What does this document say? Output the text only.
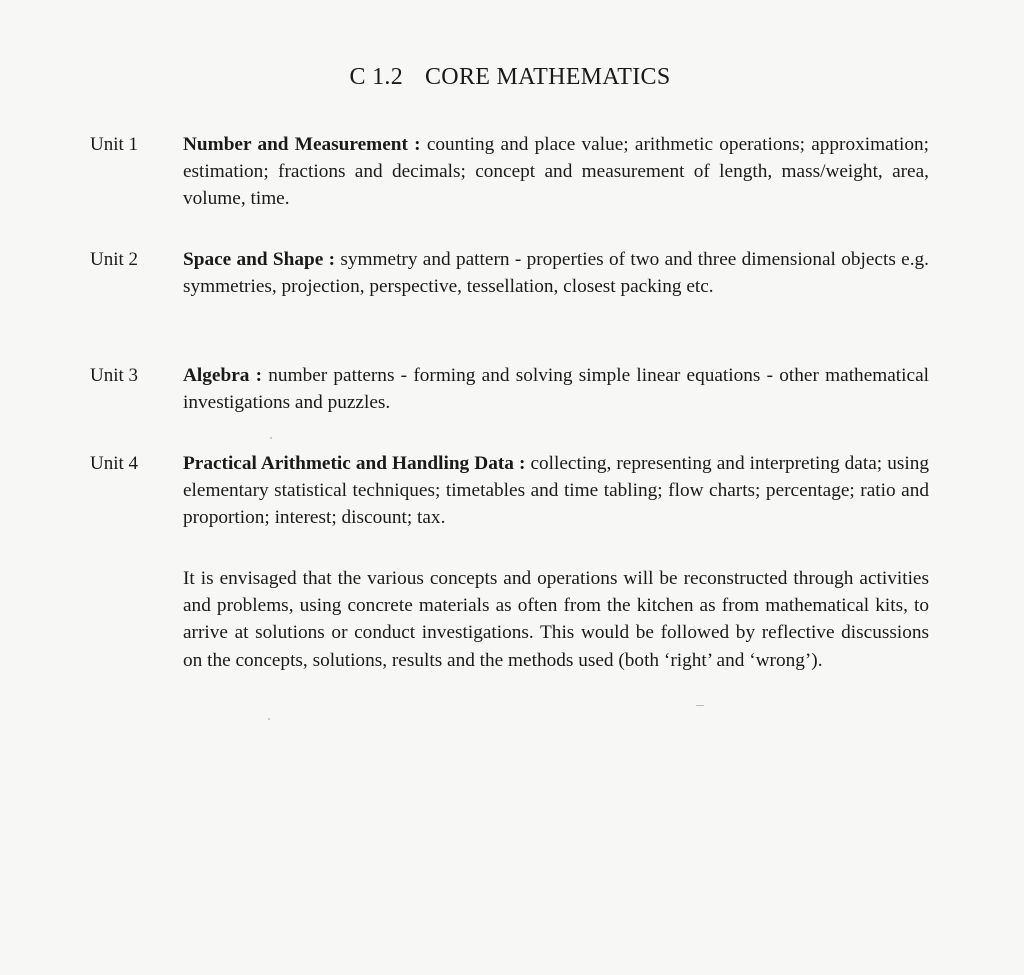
C 1.2 CORE MATHEMATICS
Unit 1	Number and Measurement : counting and place value; arithmetic operations; approximation; estimation; fractions and decimals; concept and measurement of length, mass/weight, area, volume, time.

Unit 2	Space and Shape : symmetry and pattern - properties of two and three dimensional objects e.g. symmetries, projection, perspective, tessellation, closest packing etc.

Unit 3	Algebra : number patterns - forming and solving simple linear equations - other mathematical investigations and puzzles.

Unit 4	Practical Arithmetic and Handling Data : collecting, representing and interpreting data; using elementary statistical techniques; timetables and time tabling; flow charts; percentage; ratio and proportion; interest; discount; tax.

It is envisaged that the various concepts and operations will be reconstructed through activities and problems, using concrete materials as often from the kitchen as from mathematical kits, to arrive at solutions or conduct investigations. This would be followed by reflective discussions on the concepts, solutions, results and the methods used (both ‘right’ and ‘wrong’).
